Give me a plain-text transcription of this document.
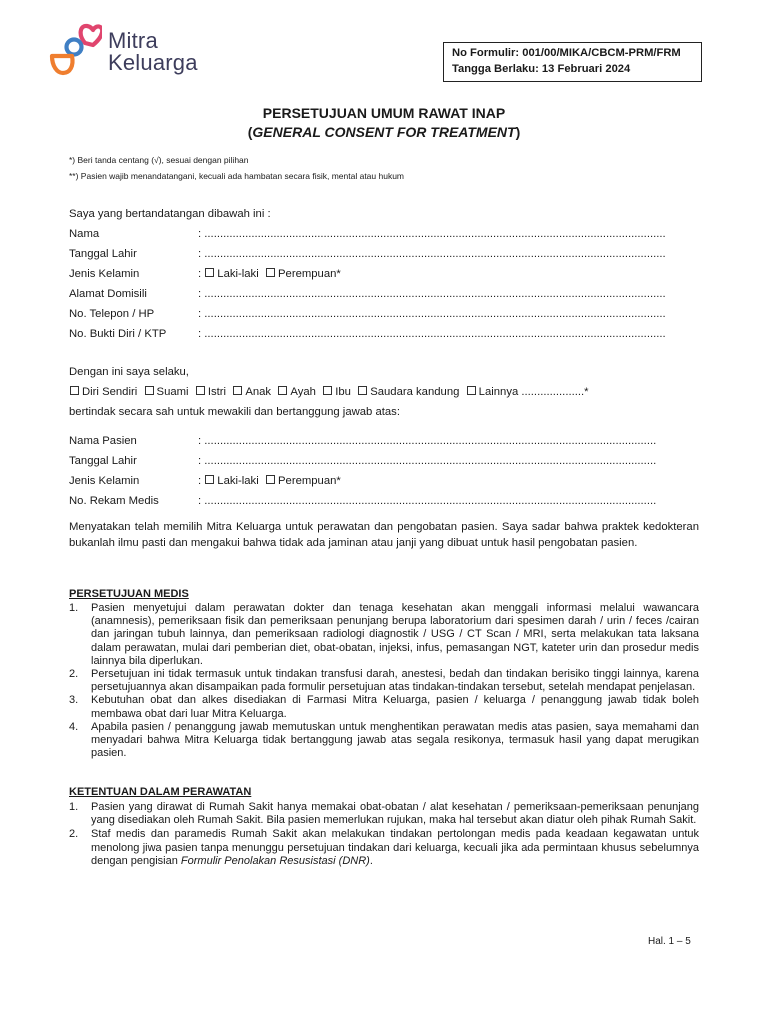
Mitra
Keluarga	No Formulir: 001/00/MIKA/CBCM-PRM/FRM
Tangga Berlaku: 13 Februari 2024
PERSETUJUAN UMUM RAWAT INAP
(GENERAL CONSENT FOR TREATMENT)
*) Beri tanda centang (√), sesuai dengan pilihan
**) Pasien wajib menandatangani, kecuali ada hambatan secara fisik, mental atau hukum
Saya yang bertandatangan dibawah ini :
Nama	: ...................................................................................................................................................
Tanggal Lahir	: ...................................................................................................................................................
Jenis Kelamin	: Laki-laki Perempuan*
Alamat Domisili	: ...................................................................................................................................................
No. Telepon / HP	: ...................................................................................................................................................
No. Bukti Diri / KTP	: ...................................................................................................................................................
Dengan ini saya selaku,
Diri Sendiri Suami Istri Anak Ayah Ibu Saudara kandung Lainnya ....................*
bertindak secara sah untuk mewakili dan bertanggung jawab atas:
Nama Pasien	: ................................................................................................................................................
Tanggal Lahir	: ................................................................................................................................................
Jenis Kelamin	: Laki-laki Perempuan*
No. Rekam Medis	: ................................................................................................................................................
Menyatakan telah memilih Mitra Keluarga untuk perawatan dan pengobatan pasien. Saya sadar bahwa praktek kedokteran bukanlah ilmu pasti dan mengakui bahwa tidak ada jaminan atau janji yang dibuat untuk hasil pengobatan pasien.
PERSETUJUAN MEDIS
1. Pasien menyetujui dalam perawatan dokter dan tenaga kesehatan akan menggali informasi melalui wawancara (anamnesis), pemeriksaan fisik dan pemeriksaan penunjang berupa laboratorium dari spesimen darah / urin / feces /cairan dan jaringan tubuh lainnya, dan pemeriksaan radiologi diagnostik / USG / CT Scan / MRI, serta melakukan tata laksana dalam perawatan, mulai dari pemberian diet, obat-obatan, injeksi, infus, pemasangan NGT, kateter urin dan prosedur medis lainnya bila diperlukan.
2. Persetujuan ini tidak termasuk untuk tindakan transfusi darah, anestesi, bedah dan tindakan berisiko tinggi lainnya, karena persetujuannya akan disampaikan pada formulir persetujuan atas tindakan-tindakan tersebut, setelah mendapat penjelasan.
3. Kebutuhan obat dan alkes disediakan di Farmasi Mitra Keluarga, pasien / keluarga / penanggung jawab tidak boleh membawa obat dari luar Mitra Keluarga.
4. Apabila pasien / penanggung jawab memutuskan untuk menghentikan perawatan medis atas pasien, saya memahami dan menyadari bahwa Mitra Keluarga tidak bertanggung jawab atas segala resikonya, termasuk hasil yang dapat merugikan pasien.
KETENTUAN DALAM PERAWATAN
1. Pasien yang dirawat di Rumah Sakit hanya memakai obat-obatan / alat kesehatan / pemeriksaan-pemeriksaan penunjang yang disediakan oleh Rumah Sakit. Bila pasien memerlukan rujukan, maka hal tersebut akan diatur oleh pihak Rumah Sakit.
2. Staf medis dan paramedis Rumah Sakit akan melakukan tindakan pertolongan medis pada keadaan kegawatan untuk menolong jiwa pasien tanpa menunggu persetujuan tindakan dari keluarga, kecuali jika ada permintaan khusus sebelumnya dengan pengisian Formulir Penolakan Resusistasi (DNR).
Hal. 1 – 5
